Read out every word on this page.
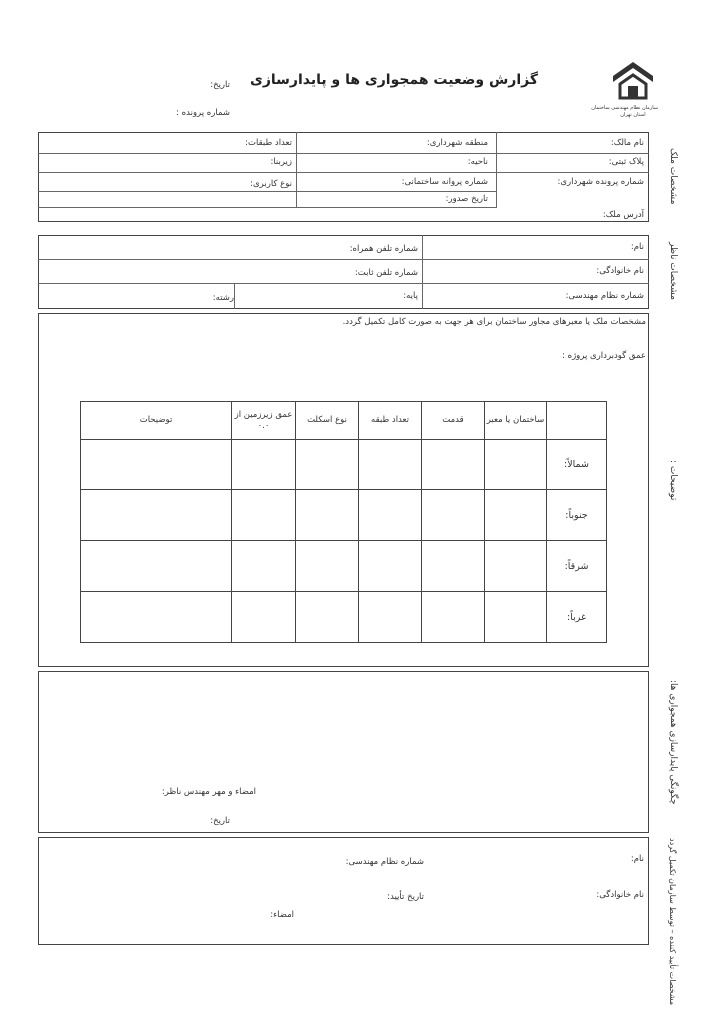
سازمان نظام مهندسی ساختمان
استان تهران
گزارش وضعیت همجواری ها و پایدارسازی
تاریخ:
شماره پرونده :
مشخصات ملک
نام مالک:
منطقه شهرداری:
تعداد طبقات:
پلاک ثبتی:
ناحیه:
زیربنا:
شماره پرونده شهرداری:
شماره پروانه ساختمانی:
نوع کاربری:
تاریخ صدور:
آدرس ملک:
مشخصات ناظر
نام:
شماره تلفن همراه:
نام خانوادگی:
شماره تلفن ثابت:
شماره نظام مهندسی:
پایه:
رشته:
توضیحات :
مشخصات ملک یا معبرهای مجاور ساختمان برای هر جهت به صورت کامل تکمیل گردد.
عمق گودبرداری پروژه :
	ساختمان یا معبر	قدمت	تعداد طبقه	نوع اسکلت	عمق زیرزمین از ۰.۰	توضیحات
شمالاً:						
جنوباً:						
شرقاً:						
غرباً:						
چگونگی پایدارسازی همجواری ها:
امضاء و مهر مهندس ناظر:
تاریخ:
مشخصات تأیید کننده – توسط سازمان تکمیل گردد
نام:
شماره نظام مهندسی:
نام خانوادگی:
تاریخ تأیید:
امضاء:
